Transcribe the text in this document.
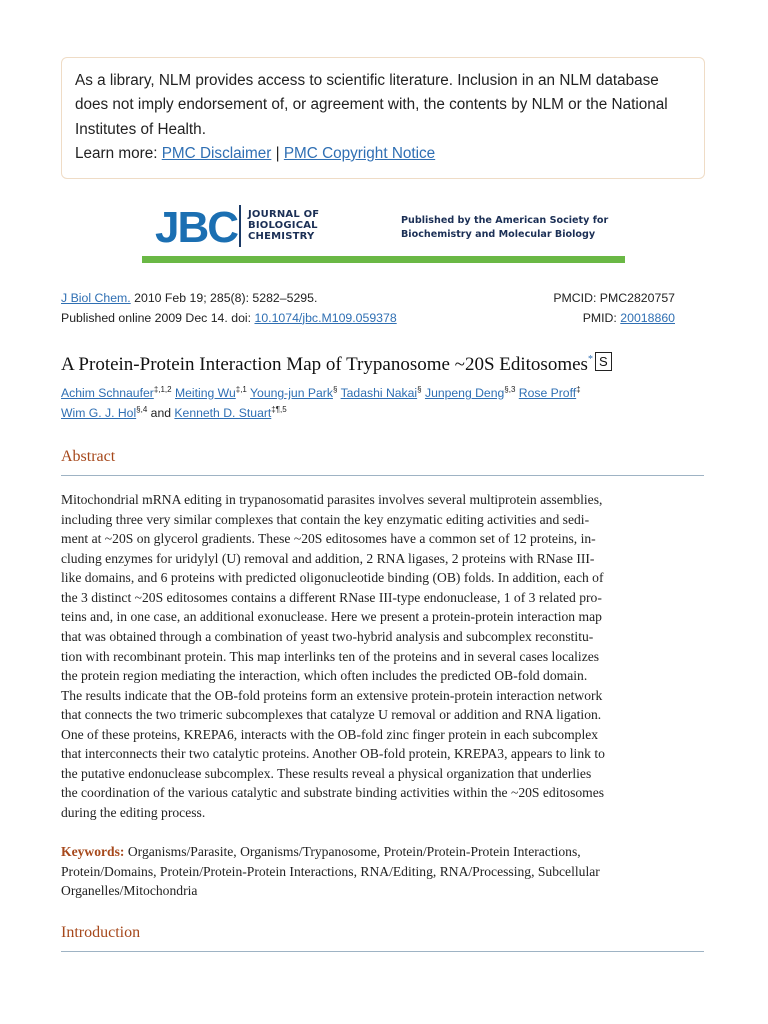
As a library, NLM provides access to scientific literature. Inclusion in an NLM database
does not imply endorsement of, or agreement with, the contents by NLM or the National
Institutes of Health.
Learn more: PMC Disclaimer | PMC Copyright Notice
JBC JOURNAL OF
BIOLOGICAL
CHEMISTRY
Published by the American Society for
Biochemistry and Molecular Biology
J Biol Chem. 2010 Feb 19; 285(8): 5282–5295.
Published online 2009 Dec 14. doi: 10.1074/jbc.M109.059378
PMCID: PMC2820757
PMID: 20018860
A Protein-Protein Interaction Map of Trypanosome ~20S Editosomes* S
Achim Schnaufer$^{\ddagger,1,2}$ Meiting $Wu^{\ddagger,1}$ Young-jun Park§ Tadashi Nakai§ Junpeng Deng$^{\S,3}$ Rose Proff‡
Wim G. J. Hol$^{\S,4}$ and Kenneth D. Stuart$^{\ddagger\P,5}$
Abstract
Mitochondrial mRNA editing in trypanosomatid parasites involves several multiprotein assemblies,
including three very similar complexes that contain the key enzymatic editing activities and sedi-
ment at ~20S on glycerol gradients. These ~20S editosomes have a common set of 12 proteins, in-
cluding enzymes for uridylyl (U) removal and addition, 2 RNA ligases, 2 proteins with RNase III-
like domains, and 6 proteins with predicted oligonucleotide binding (OB) folds. In addition, each of
the 3 distinct ~20S editosomes contains a different RNase III-type endonuclease, 1 of 3 related pro-
teins and, in one case, an additional exonuclease. Here we present a protein-protein interaction map
that was obtained through a combination of yeast two-hybrid analysis and subcomplex reconstitu-
tion with recombinant protein. This map interlinks ten of the proteins and in several cases localizes
the protein region mediating the interaction, which often includes the predicted OB-fold domain.
The results indicate that the OB-fold proteins form an extensive protein-protein interaction network
that connects the two trimeric subcomplexes that catalyze U removal or addition and RNA ligation.
One of these proteins, KREPA6, interacts with the OB-fold zinc finger protein in each subcomplex
that interconnects their two catalytic proteins. Another OB-fold protein, KREPA3, appears to link to
the putative endonuclease subcomplex. These results reveal a physical organization that underlies
the coordination of the various catalytic and substrate binding activities within the ~20S editosomes
during the editing process.
Keywords: Organisms/Parasite, Organisms/Trypanosome, Protein/Protein-Protein Interactions,
Protein/Domains, Protein/Protein-Protein Interactions, RNA/Editing, RNA/Processing, Subcellular
Organelles/Mitochondria
Introduction
